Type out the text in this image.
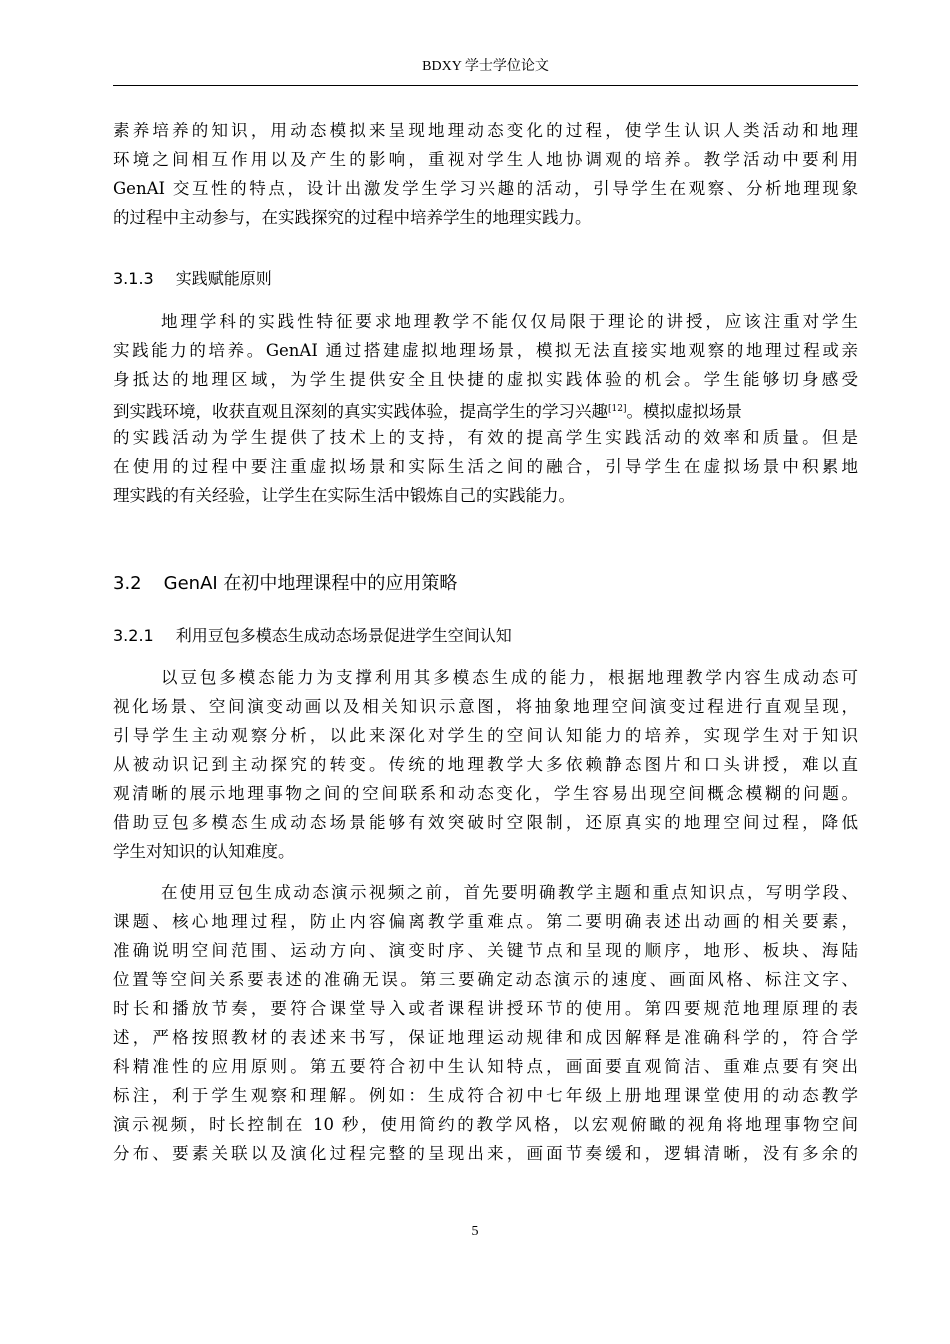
BDXY 学士学位论文
素养培养的知识，用动态模拟来呈现地理动态变化的过程，使学生认识人类活动和地理
环境之间相互作用以及产生的影响，重视对学生人地协调观的培养。教学活动中要利用
GenAI 交互性的特点，设计出激发学生学习兴趣的活动，引导学生在观察、分析地理现象
的过程中主动参与，在实践探究的过程中培养学生的地理实践力。
3.1.3 实践赋能原则
地理学科的实践性特征要求地理教学不能仅仅局限于理论的讲授，应该注重对学生
实践能力的培养。GenAI 通过搭建虚拟地理场景，模拟无法直接实地观察的地理过程或亲
身抵达的地理区域，为学生提供安全且快捷的虚拟实践体验的机会。学生能够切身感受
到实践环境，收获直观且深刻的真实实践体验，提高学生的学习兴趣[12]。模拟虚拟场景
的实践活动为学生提供了技术上的支持，有效的提高学生实践活动的效率和质量。但是
在使用的过程中要注重虚拟场景和实际生活之间的融合，引导学生在虚拟场景中积累地
理实践的有关经验，让学生在实际生活中锻炼自己的实践能力。
3.2 GenAI 在初中地理课程中的应用策略
3.2.1 利用豆包多模态生成动态场景促进学生空间认知
以豆包多模态能力为支撑利用其多模态生成的能力，根据地理教学内容生成动态可
视化场景、空间演变动画以及相关知识示意图，将抽象地理空间演变过程进行直观呈现，
引导学生主动观察分析，以此来深化对学生的空间认知能力的培养，实现学生对于知识
从被动识记到主动探究的转变。传统的地理教学大多依赖静态图片和口头讲授，难以直
观清晰的展示地理事物之间的空间联系和动态变化，学生容易出现空间概念模糊的问题。
借助豆包多模态生成动态场景能够有效突破时空限制，还原真实的地理空间过程，降低
学生对知识的认知难度。
在使用豆包生成动态演示视频之前，首先要明确教学主题和重点知识点，写明学段、
课题、核心地理过程，防止内容偏离教学重难点。第二要明确表述出动画的相关要素，
准确说明空间范围、运动方向、演变时序、关键节点和呈现的顺序，地形、板块、海陆
位置等空间关系要表述的准确无误。第三要确定动态演示的速度、画面风格、标注文字、
时长和播放节奏，要符合课堂导入或者课程讲授环节的使用。第四要规范地理原理的表
述，严格按照教材的表述来书写，保证地理运动规律和成因解释是准确科学的，符合学
科精准性的应用原则。第五要符合初中生认知特点，画面要直观简洁、重难点要有突出
标注，利于学生观察和理解。例如：生成符合初中七年级上册地理课堂使用的动态教学
演示视频，时长控制在 10 秒，使用简约的教学风格，以宏观俯瞰的视角将地理事物空间
分布、要素关联以及演化过程完整的呈现出来，画面节奏缓和，逻辑清晰，没有多余的
5
